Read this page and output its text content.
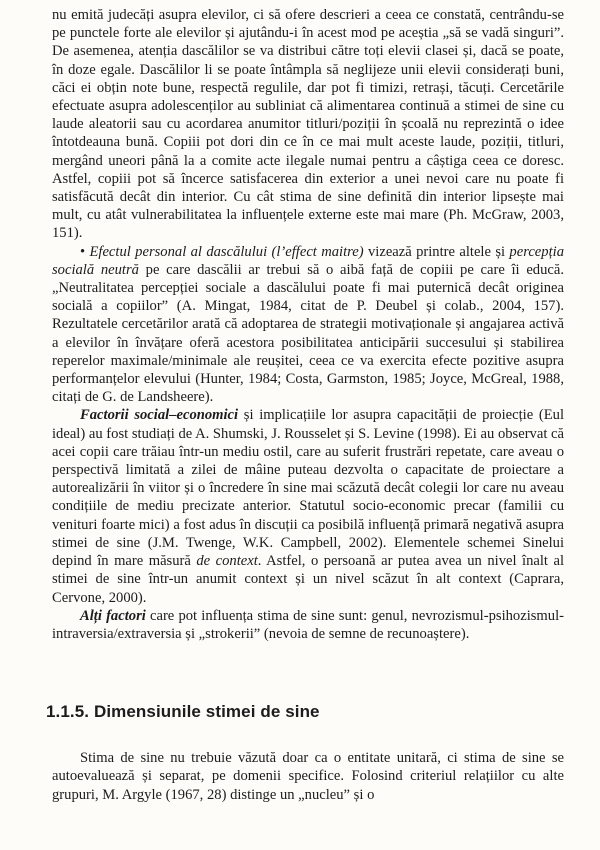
nu emită judecăți asupra elevilor, ci să ofere descrieri a ceea ce constată, centrându-se pe punctele forte ale elevilor și ajutându-i în acest mod pe aceștia „să se vadă singuri”. De asemenea, atenția dascălilor se va distribui către toți elevii clasei și, dacă se poate, în doze egale. Dascălilor li se poate întâmpla să neglijeze unii elevii considerați buni, căci ei obțin note bune, respectă regulile, dar pot fi timizi, retrași, tăcuți. Cercetările efectuate asupra adolescenților au subliniat că alimentarea continuă a stimei de sine cu laude aleatorii sau cu acordarea anumitor titluri/poziții în școală nu reprezintă o idee întotdeauna bună. Copiii pot dori din ce în ce mai mult aceste laude, poziții, titluri, mergând uneori până la a comite acte ilegale numai pentru a câștiga ceea ce doresc. Astfel, copiii pot să încerce satisfacerea din exterior a unei nevoi care nu poate fi satisfăcută decât din interior. Cu cât stima de sine definită din interior lipsește mai mult, cu atât vulnerabilitatea la influențele externe este mai mare (Ph. McGraw, 2003, 151).

• Efectul personal al dascălului (l’effect maitre) vizează printre altele și percepția socială neutră pe care dascălii ar trebui să o aibă față de copiii pe care îi educă. „Neutralitatea percepției sociale a dascălului poate fi mai puternică decât originea socială a copiilor” (A. Mingat, 1984, citat de P. Deubel și colab., 2004, 157). Rezultatele cercetărilor arată că adoptarea de strategii motivaționale și angajarea activă a elevilor în învățare oferă acestora posibilitatea anticipării succesului și stabilirea reperelor maximale/minimale ale reușitei, ceea ce va exercita efecte pozitive asupra performanțelor elevului (Hunter, 1984; Costa, Garmston, 1985; Joyce, McGreal, 1988, citați de G. de Landsheere).

Factorii social–economici și implicațiile lor asupra capacității de proiecție (Eul ideal) au fost studiați de A. Shumski, J. Rousselet și S. Levine (1998). Ei au observat că acei copii care trăiau într-un mediu ostil, care au suferit frustrări repetate, care aveau o perspectivă limitată a zilei de mâine puteau dezvolta o capacitate de proiectare a autorealizării în viitor și o încredere în sine mai scăzută decât colegii lor care nu aveau condițiile de mediu precizate anterior. Statutul socio-economic precar (familii cu venituri foarte mici) a fost adus în discuții ca posibilă influență primară negativă asupra stimei de sine (J.M. Twenge, W.K. Campbell, 2002). Elementele schemei Sinelui depind în mare măsură de context. Astfel, o persoană ar putea avea un nivel înalt al stimei de sine într-un anumit context și un nivel scăzut în alt context (Caprara, Cervone, 2000).

Alți factori care pot influența stima de sine sunt: genul, nevrozismul-psihozismul-intraversia/extraversia și „strokerii” (nevoia de semne de recunoaștere).

1.1.5. Dimensiunile stimei de sine

Stima de sine nu trebuie văzută doar ca o entitate unitară, ci stima de sine se autoevaluează și separat, pe domenii specifice. Folosind criteriul relațiilor cu alte grupuri, M. Argyle (1967, 28) distinge un „nucleu” și o
